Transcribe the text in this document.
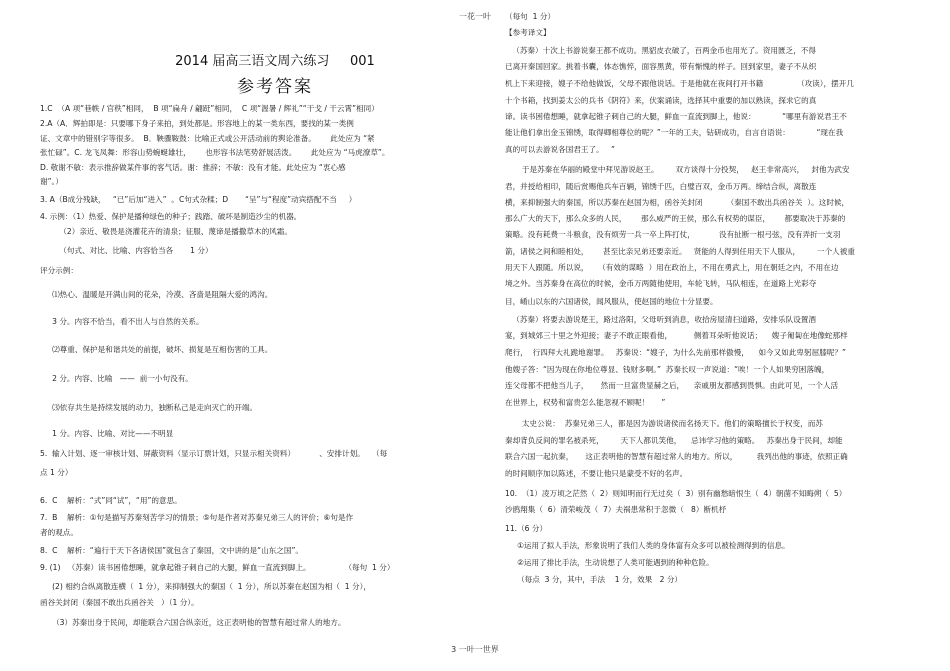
一花一叶
2014 届高三语文周六练习     001
参考答案
1.C  （A 项“巷帙 / 官秩”相同，  B 项“扁舟 / 翩跹”相同，  C 项“渥暑 / 辉礼”“干戈 / 干云霄”相同）
2.A（A．辉拍即是：只要哪下身子来拍，到处都是。形容地上的某一类东西，要找的某一类例
证、文章中的错别字等很多。  B．鞅骤鞍鼓：比喻正式或公开活动前的舆论准备。      此处应为 “紧
张忙碌”。C. 龙飞凤舞：形容山势蜿蜒雄壮，      也形容书法笔势舒展活泼。      此处应为 “马虎潦草”。
D. 敬谢不敏：表示推辞做某件事的客气话。谢：推辞；不敏：没有才能。此处应为 “衷心感
谢”。）
3. A（B成分残缺，   “已”后加“进入”  。C句式杂糅；D       “呈”与“程度”动宾搭配不当     ）
4. 示例：（1）热爱、保护是播种绿色的种子；践踏、破坏是制造沙尘的机器。
（2）亲近、敬畏是浇灌花卉的清泉；征服、蔑谛是播撒草木的风霜。
（句式、对比、比喻、内容恰当各       1 分）
评分示例：
⑴热心、温暖是开满山间的花朵，冷漠、吝啬是阻隔大爱的鸿沟。
3 分。内容不恰当，看不出人与自然的关系。
⑵尊重、保护是和谐共处的前提，破坏、损复是互相伤害的工具。
2 分。内容、比喻   ——  前一小句没有。
⑶依存共生是持续发展的动力，独断私己是走向灭亡的开端。
1 分。内容、比喻、对比——不明显
5.  输入计划、逐一审核计划、屏蔽资料（显示订票计划，只显示相关资料）          、安排计划。   （每
点 1 分）
6.  C    解析：“式”同“试”，“用”的意思。
7.  B    解析：①句是描写苏秦刻苦学习的情景；⑤句是作者对苏秦兄弟三人的评价；⑥句是作
者的观点。
8.  C    解析：“遍行于天下各诸侯国”就包含了秦国，文中讲的是“山东之国”。
9. (1)   （苏秦）读书困倦想睡，就拿起锥子刺自己的大腿，鲜血一直流到脚上。              （每句  1 分）
(2) 相约合纵离散连横（  1 分），来抑制强大的秦国（  1 分），所以苏秦在赵国为相（  1 分），
函谷关封闭（秦国不敢出兵函谷关   ）（1 分）。
（3）苏秦出身于民间，却能联合六国合纵亲近，这正表明他的智慧有超过常人的地方。
（每句  1 分）
【参考译文】
（苏秦）十次上书游说秦王都不成功。黑貂皮衣破了，百两金币也用光了。资用匮乏，不得
已离开秦国回家。挑着书囊，体态憔悴，面容黑黄，带有惭愧的样子。回到家里，妻子不从织
机上下来迎接，嫂子不给他做饭，父母不跟他说话。于是他就在夜间打开书籍              （攻读），摆开几
十个书箱，找到姜太公的兵书《阴符》来，伏案诵读，选择其中重要的加以熟读，探求它的真
谛。读书困倦想睡，就拿起锥子刺自己的大腿，鲜血一直流到脚上，他说：           “哪里有游说君王不
能让他们拿出金玉锦绣，取得卿相尊位的呢？”一年的工夫，钻研成功，自言自语说：           “现在我
真的可以去游说各国君王了。   ”
于是苏秦在华丽的殿堂中拜见游说赵王。       双方谈得十分投契，   赵王非常高兴，   封他为武安
君，并授给相印，随后赏赐他兵车百辆，锦绣千匹，白璧百双，金币万两。缔结合纵，离散连
横，来抑制强大的秦国，所以苏秦在赵国为相，函谷关封闭          （秦国不敢出兵函谷关  ）。这时候，
那么广大的天下，那么众多的人民，      那么威严的王侯，那么有权势的谋臣，      都要取决于苏秦的
策略。没有耗费一斗粮食，没有烦劳一兵一卒上阵打仗，          没有扯断一根弓弦，没有弄折一支羽
箭，诸侯之间和睦相处，      甚至比亲兄弟还要亲近。   贤能的人得到任用天下人服从，       一个人被重
用天下人跟随。所以说，    （有效的谋略  ）用在政治上，不用在勇武上，用在朝廷之内，不用在边
境之外。当苏秦身在高位的时候，金币万两随他使用，车轮飞转，马队相连，在道路上光彩夺
目，崤山以东的六国诸侯，闻风服从，使赵国的地位十分显要。
（苏秦）将要去游说楚王，路过洛阳，父母听到消息，收拾房屋清扫道路，安排乐队设置酒
宴，到城郊三十里之外迎接；妻子不敢正眼看他，         侧着耳朵听他说话；    嫂子匍匐在地像蛇那样
爬行，  行四拜大礼跪地谢罪。   苏秦说：“嫂子，为什么先前那样傲慢，    如今又如此卑躬屈膝呢？”
他嫂子答：“因为现在你地位尊显、钱财多啊。”  苏秦长叹一声说道：“唉！一个人如果穷困落魄，
连父母都不把他当儿子，     然而一旦富贵显赫之后，    亲戚朋友都感到畏惧。由此可见，一个人活
在世界上，权势和富贵怎么能忽视不顾呢！     ”
太史公说：  苏秦兄弟三人，都是因为游说诸侯而名扬天下。他们的策略擅长于权变，而苏
秦却背负反间的罪名被杀死，       天下人都讥笑他，    忌讳学习他的策略。   苏秦出身于民间，却能
联合六国一起抗秦，     这正表明他的智慧有超过常人的地方。所以，        我列出他的事迹，依照正确
的时间顺序加以陈述，不要让他只是蒙受不好的名声。
10.  （1）凌万顷之茫然（  2）则知明而行无过矣（  3）别有幽愁暗恨生（  4）朝菌不知晦朔（  5）
沙鸥翔集（  6）清荣峻茂（  7）夫祸患常积于忽微（   8）断机杼
11.（6 分）
①运用了拟人手法，形象说明了我们人类的身体富有众多可以被检测得到的信息。
②运用了排比手法，生动说想了人类可能遇到的种种危险。
（每点  3 分，其中，手法    1 分，效果   2 分）
3 一叶一世界
